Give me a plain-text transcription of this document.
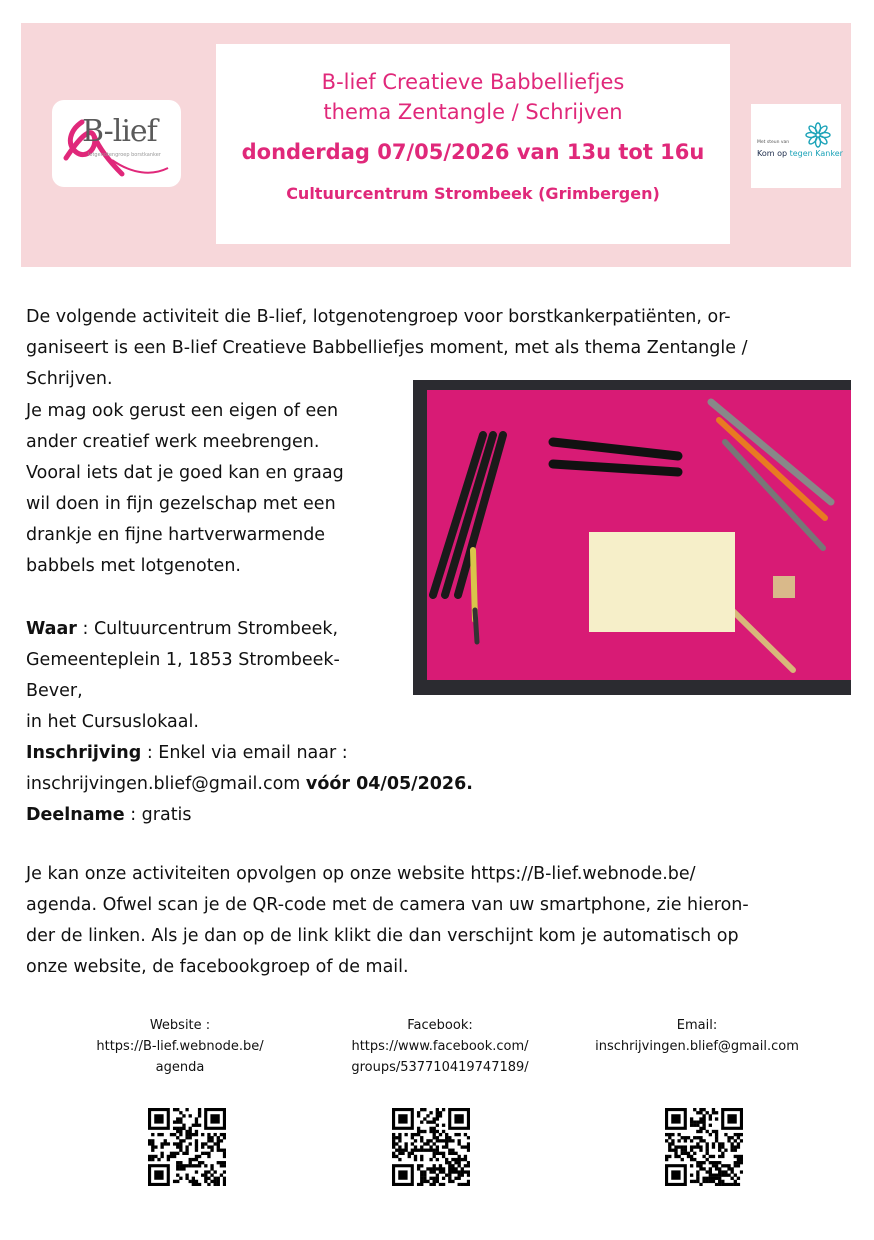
B-lief
lotgenotengroep borstkanker
B-lief Creatieve Babbelliefjes
thema Zentangle / Schrijven
donderdag 07/05/2026 van 13u tot 16u
Cultuurcentrum Strombeek (Grimbergen)
Met steun van
Kom op tegen Kanker

De volgende activiteit die B-lief, lotgenotengroep voor borstkankerpatiënten, or-
ganiseert is een B-lief Creatieve Babbelliefjes moment, met als thema Zentangle /
Schrijven.

Je mag ook gerust een eigen of een
ander creatief werk meebrengen.
Vooral iets dat je goed kan en graag
wil doen in fijn gezelschap met een
drankje en fijne hartverwarmende
babbels met lotgenoten.

Waar : Cultuurcentrum Strombeek,
Gemeenteplein 1, 1853 Strombeek-
Bever,
in het Cursuslokaal.
Inschrijving : Enkel via email naar :
inschrijvingen.blief@gmail.com vóór 04/05/2026.
Deelname : gratis

Je kan onze activiteiten opvolgen op onze website https://B-lief.webnode.be/
agenda. Ofwel scan je de QR-code met de camera van uw smartphone, zie hieron-
der de linken. Als je dan op de link klikt die dan verschijnt kom je automatisch op
onze website, de facebookgroep of de mail.

Website :
https://B-lief.webnode.be/
agenda
Facebook:
https://www.facebook.com/
groups/537710419747189/
Email:
inschrijvingen.blief@gmail.com
